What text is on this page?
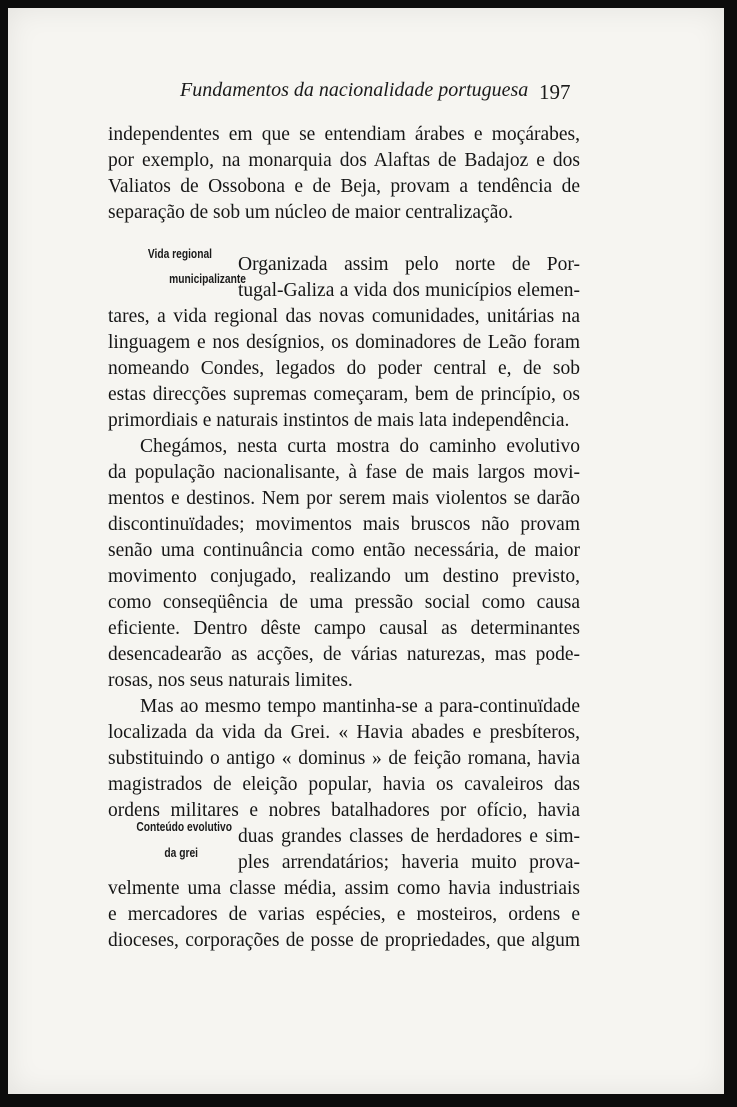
Fundamentos da nacionalidade portuguesa 197
Vida regional
municipalizante
Conteúdo evolutivo
da grei
independentes em que se entendiam árabes e moçárabes,
por exemplo, na monarquia dos Alaftas de Badajoz e dos
Valiatos de Ossobona e de Beja, provam a tendência de
separação de sob um núcleo de maior centralização.
Organizada assim pelo norte de Por-
tugal-Galiza a vida dos municípios elemen-
tares, a vida regional das novas comunidades, unitárias na
linguagem e nos desígnios, os dominadores de Leão foram
nomeando Condes, legados do poder central e, de sob
estas direcções supremas começaram, bem de princípio, os
primordiais e naturais instintos de mais lata independência.
Chegámos, nesta curta mostra do caminho evolutivo
da população nacionalisante, à fase de mais largos movi-
mentos e destinos. Nem por serem mais violentos se darão
discontinuïdades; movimentos mais bruscos não provam
senão uma continuância como então necessária, de maior
movimento conjugado, realizando um destino previsto,
como conseqüência de uma pressão social como causa
eficiente. Dentro dêste campo causal as determinantes
desencadearão as acções, de várias naturezas, mas pode-
rosas, nos seus naturais limites.
Mas ao mesmo tempo mantinha-se a para-continuïdade
localizada da vida da Grei. « Havia abades e presbíteros,
substituindo o antigo « dominus » de feição romana, havia
magistrados de eleição popular, havia os cavaleiros das
ordens militares e nobres batalhadores por ofício, havia
duas grandes classes de herdadores e sim-
ples arrendatários; haveria muito prova-
velmente uma classe média, assim como havia industriais
e mercadores de varias espécies, e mosteiros, ordens e
dioceses, corporações de posse de propriedades, que algum
